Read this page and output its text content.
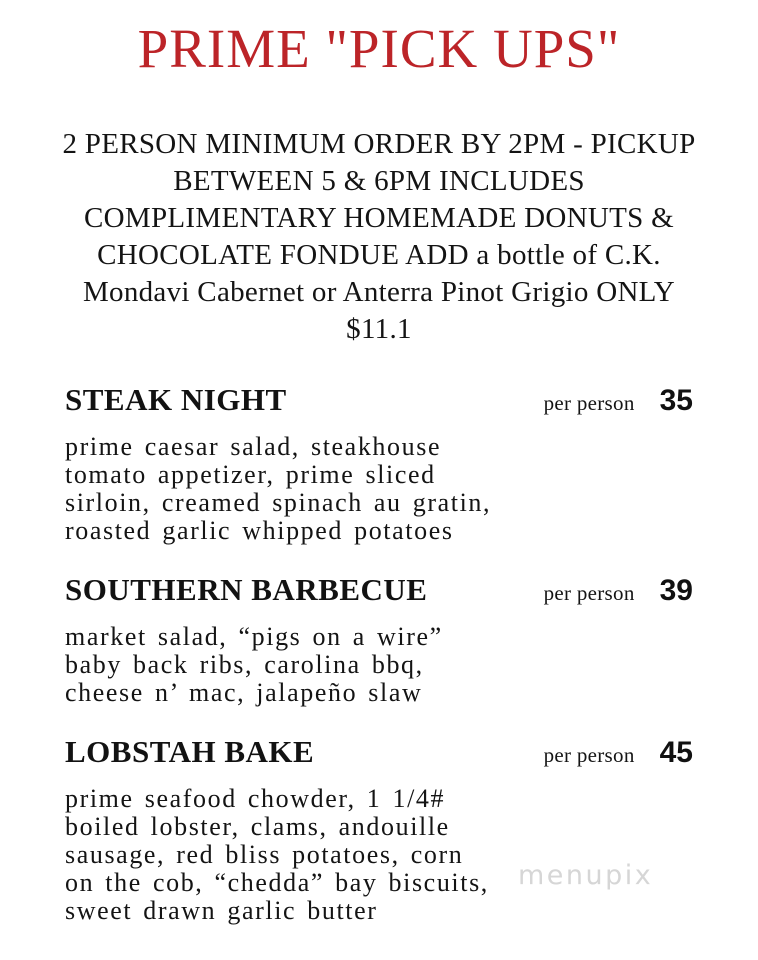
PRIME "PICK UPS"
2 PERSON MINIMUM ORDER BY 2PM - PICKUP
BETWEEN 5 & 6PM INCLUDES
COMPLIMENTARY HOMEMADE DONUTS &
CHOCOLATE FONDUE ADD a bottle of C.K.
Mondavi Cabernet or Anterra Pinot Grigio ONLY
$11.1
STEAK NIGHT	per person 35
prime caesar salad, steakhouse
tomato appetizer, prime sliced
sirloin, creamed spinach au gratin,
roasted garlic whipped potatoes
SOUTHERN BARBECUE	per person 39
market salad, “pigs on a wire”
baby back ribs, carolina bbq,
cheese n’ mac, jalapeño slaw
LOBSTAH BAKE	per person 45
prime seafood chowder, 1 1/4#
boiled lobster, clams, andouille
sausage, red bliss potatoes, corn
on the cob, “chedda” bay biscuits,
sweet drawn garlic butter
menupix
